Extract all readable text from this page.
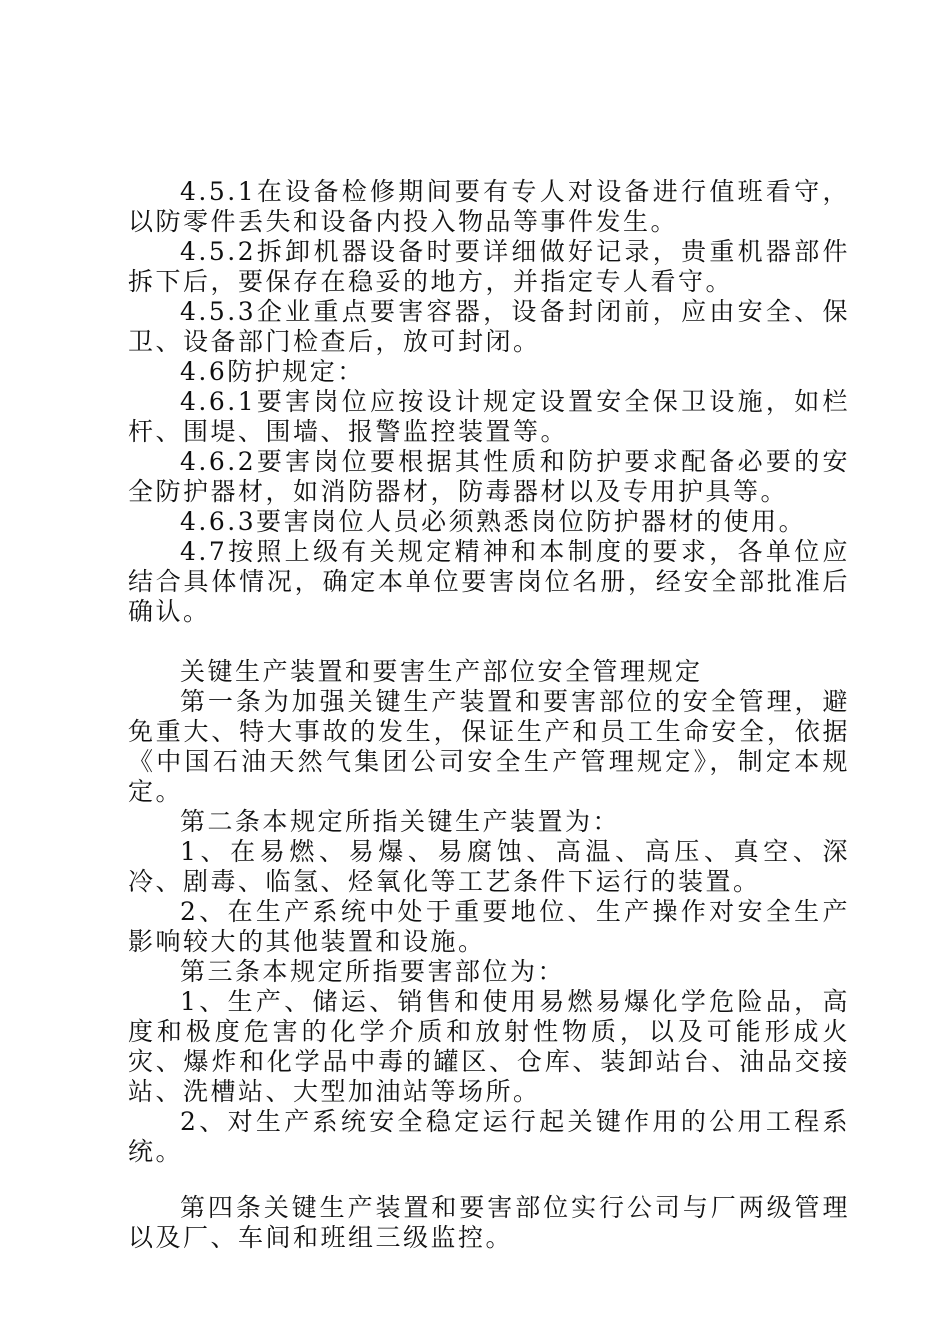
4.5.1在设备检修期间要有专人对设备进行值班看守，以防零件丢失和设备内投入物品等事件发生。

4.5.2拆卸机器设备时要详细做好记录，贵重机器部件拆下后，要保存在稳妥的地方，并指定专人看守。

4.5.3企业重点要害容器，设备封闭前，应由安全、保卫、设备部门检查后，放可封闭。

4.6防护规定：

4.6.1要害岗位应按设计规定设置安全保卫设施，如栏杆、围堤、围墙、报警监控装置等。

4.6.2要害岗位要根据其性质和防护要求配备必要的安全防护器材，如消防器材，防毒器材以及专用护具等。

4.6.3要害岗位人员必须熟悉岗位防护器材的使用。

4.7按照上级有关规定精神和本制度的要求，各单位应结合具体情况，确定本单位要害岗位名册，经安全部批准后确认。

关键生产装置和要害生产部位安全管理规定

第一条为加强关键生产装置和要害部位的安全管理，避免重大、特大事故的发生，保证生产和员工生命安全，依据《中国石油天然气集团公司安全生产管理规定》，制定本规定。

第二条本规定所指关键生产装置为：

1、在易燃、易爆、易腐蚀、高温、高压、真空、深冷、剧毒、临氢、烃氧化等工艺条件下运行的装置。

2、在生产系统中处于重要地位、生产操作对安全生产影响较大的其他装置和设施。

第三条本规定所指要害部位为：

1、生产、储运、销售和使用易燃易爆化学危险品，高度和极度危害的化学介质和放射性物质，以及可能形成火灾、爆炸和化学品中毒的罐区、仓库、装卸站台、油品交接站、洗槽站、大型加油站等场所。

2、对生产系统安全稳定运行起关键作用的公用工程系统。

第四条关键生产装置和要害部位实行公司与厂两级管理以及厂、车间和班组三级监控。
